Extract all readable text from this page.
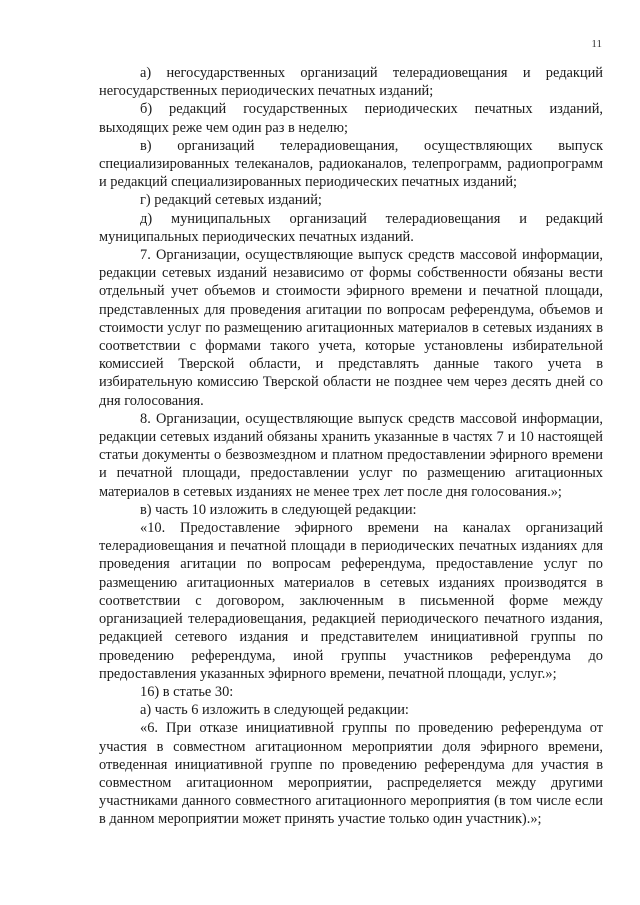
11

а) негосударственных организаций телерадиовещания и редакций негосударственных периодических печатных изданий;

б) редакций государственных периодических печатных изданий, выходящих реже чем один раз в неделю;

в) организаций телерадиовещания, осуществляющих выпуск специализированных телеканалов, радиоканалов, телепрограмм, радиопрограмм и редакций специализированных периодических печатных изданий;

г) редакций сетевых изданий;

д) муниципальных организаций телерадиовещания и редакций муниципальных периодических печатных изданий.

7. Организации, осуществляющие выпуск средств массовой информации, редакции сетевых изданий независимо от формы собственности обязаны вести отдельный учет объемов и стоимости эфирного времени и печатной площади, представленных для проведения агитации по вопросам референдума, объемов и стоимости услуг по размещению агитационных материалов в сетевых изданиях в соответствии с формами такого учета, которые установлены избирательной комиссией Тверской области, и представлять данные такого учета в избирательную комиссию Тверской области не позднее чем через десять дней со дня голосования.

8. Организации, осуществляющие выпуск средств массовой информации, редакции сетевых изданий обязаны хранить указанные в частях 7 и 10 настоящей статьи документы о безвозмездном и платном предоставлении эфирного времени и печатной площади, предоставлении услуг по размещению агитационных материалов в сетевых изданиях не менее трех лет после дня голосования.»;

в) часть 10 изложить в следующей редакции:

«10. Предоставление эфирного времени на каналах организаций телерадиовещания и печатной площади в периодических печатных изданиях для проведения агитации по вопросам референдума, предоставление услуг по размещению агитационных материалов в сетевых изданиях производятся в соответствии с договором, заключенным в письменной форме между организацией телерадиовещания, редакцией периодического печатного издания, редакцией сетевого издания и представителем инициативной группы по проведению референдума, иной группы участников референдума до предоставления указанных эфирного времени, печатной площади, услуг.»;

16) в статье 30:

а) часть 6 изложить в следующей редакции:

«6. При отказе инициативной группы по проведению референдума от участия в совместном агитационном мероприятии доля эфирного времени, отведенная инициативной группе по проведению референдума для участия в совместном агитационном мероприятии, распределяется между другими участниками данного совместного агитационного мероприятия (в том числе если в данном мероприятии может принять участие только один участник).»;
